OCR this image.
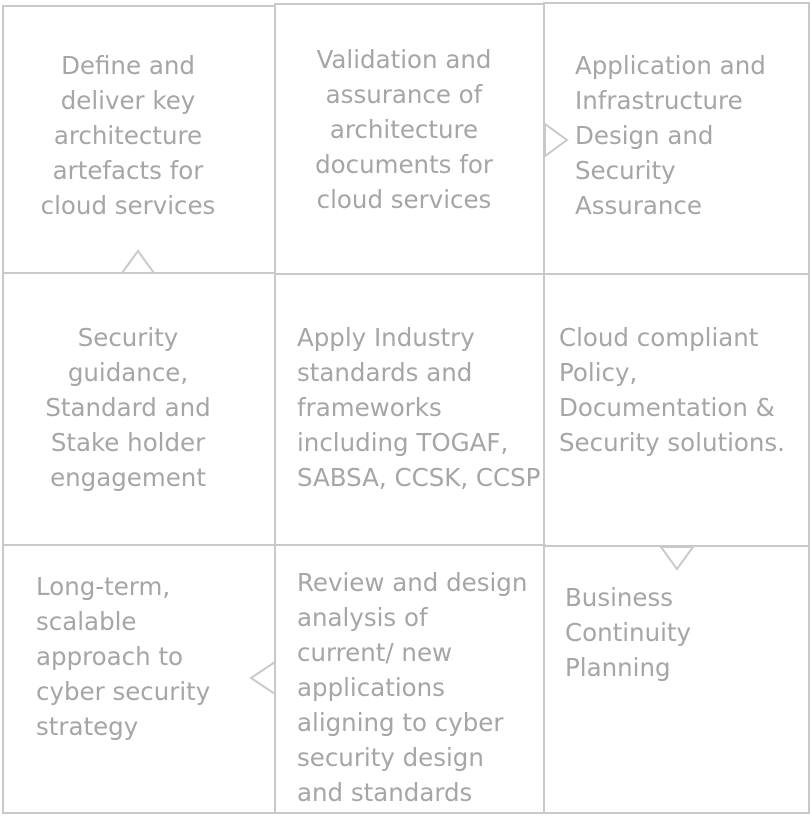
Define and
deliver key
architecture
artefacts for
cloud services
Validation and
assurance of
architecture
documents for
cloud services
Application and
Infrastructure
Design and
Security
Assurance
Security
guidance,
Standard and
Stake holder
engagement
Apply Industry
standards and
frameworks
including TOGAF,
SABSA, CCSK, CCSP
Cloud compliant
Policy,
Documentation &
Security solutions.
Long-term,
scalable
approach to
cyber security
strategy
Review and design
analysis of
current/ new
applications
aligning to cyber
security design
and standards
Business
Continuity
Planning
